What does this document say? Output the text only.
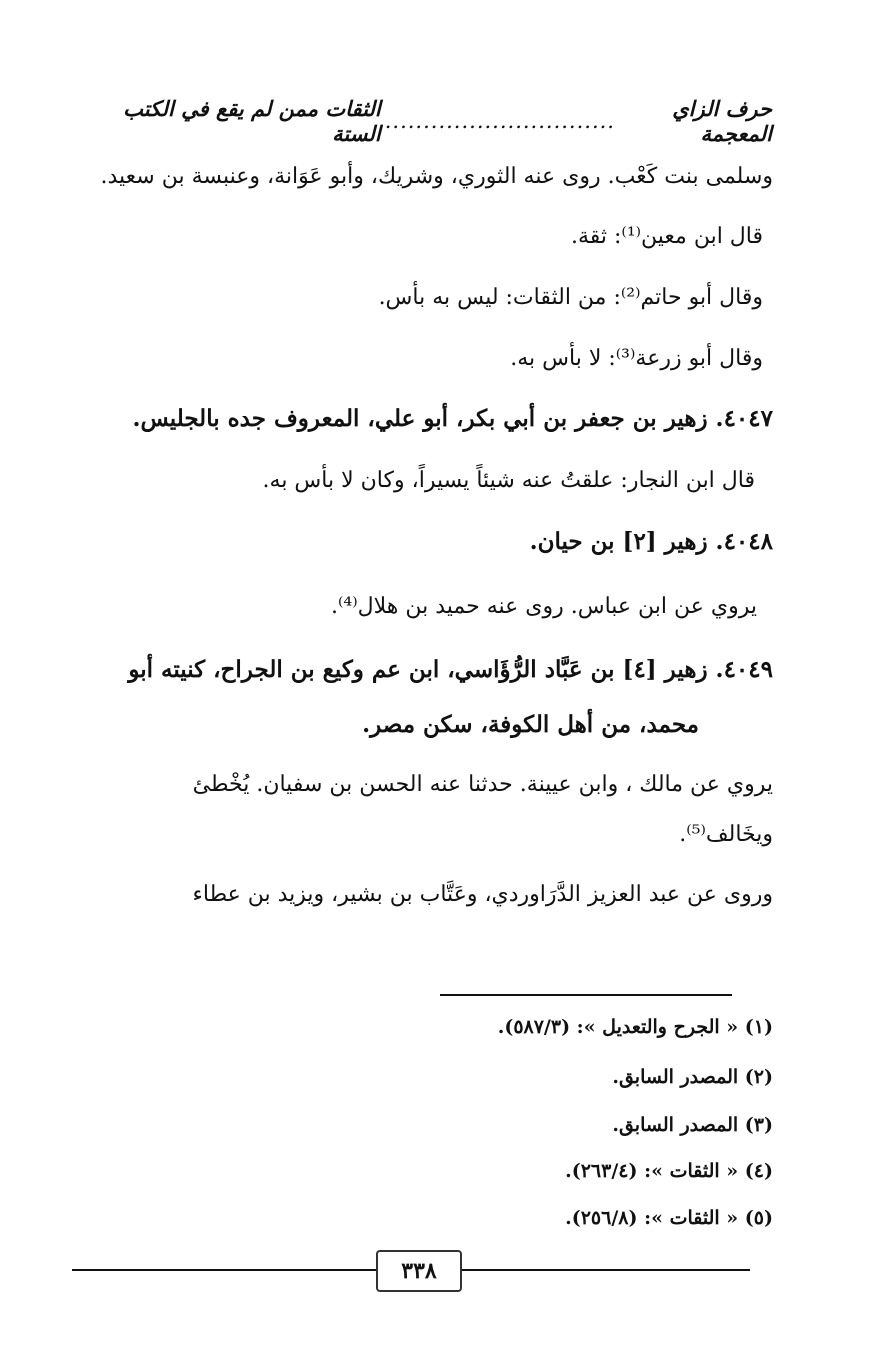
حرف الزاي المعجمة
..............................
الثقات ممن لم يقع في الكتب الستة
وسلمى بنت كَعْب. روى عنه الثوري، وشريك، وأبو عَوَانة، وعنبسة بن سعيد.
قال ابن معين⁽¹⁾: ثقة.
وقال أبو حاتم⁽²⁾: من الثقات: ليس به بأس.
وقال أبو زرعة⁽³⁾: لا بأس به.
٤٠٤٧. زهير بن جعفر بن أبي بكر، أبو علي، المعروف جده بالجليس.
قال ابن النجار: علقتُ عنه شيئاً يسيراً، وكان لا بأس به.
٤٠٤٨. زهير [٢] بن حيان.
يروي عن ابن عباس. روى عنه حميد بن هلال⁽⁴⁾.
٤٠٤٩. زهير [٤] بن عَبَّاد الرُّؤَاسي، ابن عم وكيع بن الجراح، كنيته أبو
محمد، من أهل الكوفة، سكن مصر.
يروي عن مالك ، وابن عيينة. حدثنا عنه الحسن بن سفيان. يُخْطئ
ويخَالف⁽⁵⁾.
وروى عن عبد العزيز الدَّرَاوردي، وعَتَّاب بن بشير، ويزيد بن عطاء
(١) « الجرح والتعديل »: (٥٨٧/٣).
(٢) المصدر السابق.
(٣) المصدر السابق.
(٤) « الثقات »: (٢٦٣/٤).
(٥) « الثقات »: (٢٥٦/٨).
٣٣٨
